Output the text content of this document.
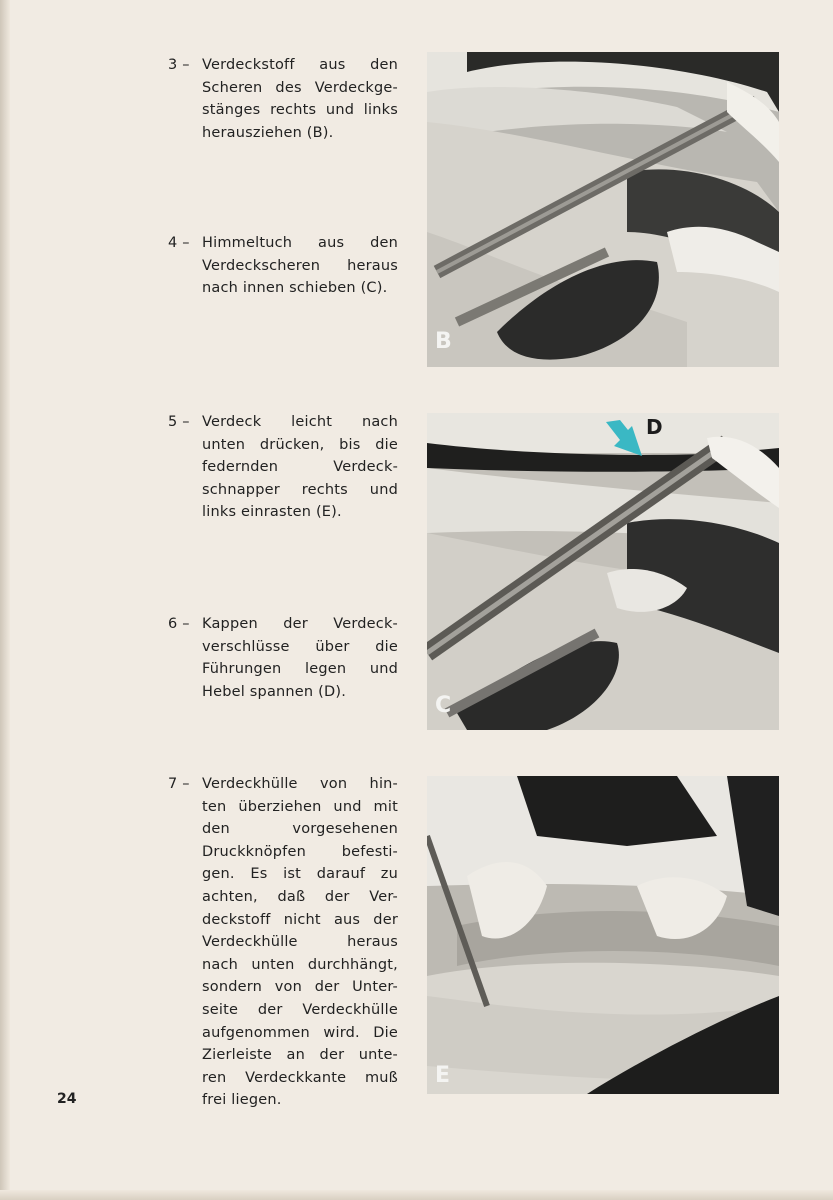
3 – Verdeckstoff aus den
Scheren des Verdeckge-
stänges rechts und links
herausziehen (B).
4 – Himmeltuch aus den
Verdeckscheren heraus
nach innen schieben (C).
5 – Verdeck leicht nach
unten drücken, bis die
federnden Verdeck-
schnapper rechts und
links einrasten (E).
6 – Kappen der Verdeck-
verschlüsse über die
Führungen legen und
Hebel spannen (D).
7 – Verdeckhülle von hin-
ten überziehen und mit
den vorgesehenen
Druckknöpfen befesti-
gen. Es ist darauf zu
achten, daß der Ver-
deckstoff nicht aus der
Verdeckhülle heraus
nach unten durchhängt,
sondern von der Unter-
seite der Verdeckhülle
aufgenommen wird. Die
Zierleiste an der unte-
ren Verdeckkante muß
frei liegen.
24
B
D
C
E
